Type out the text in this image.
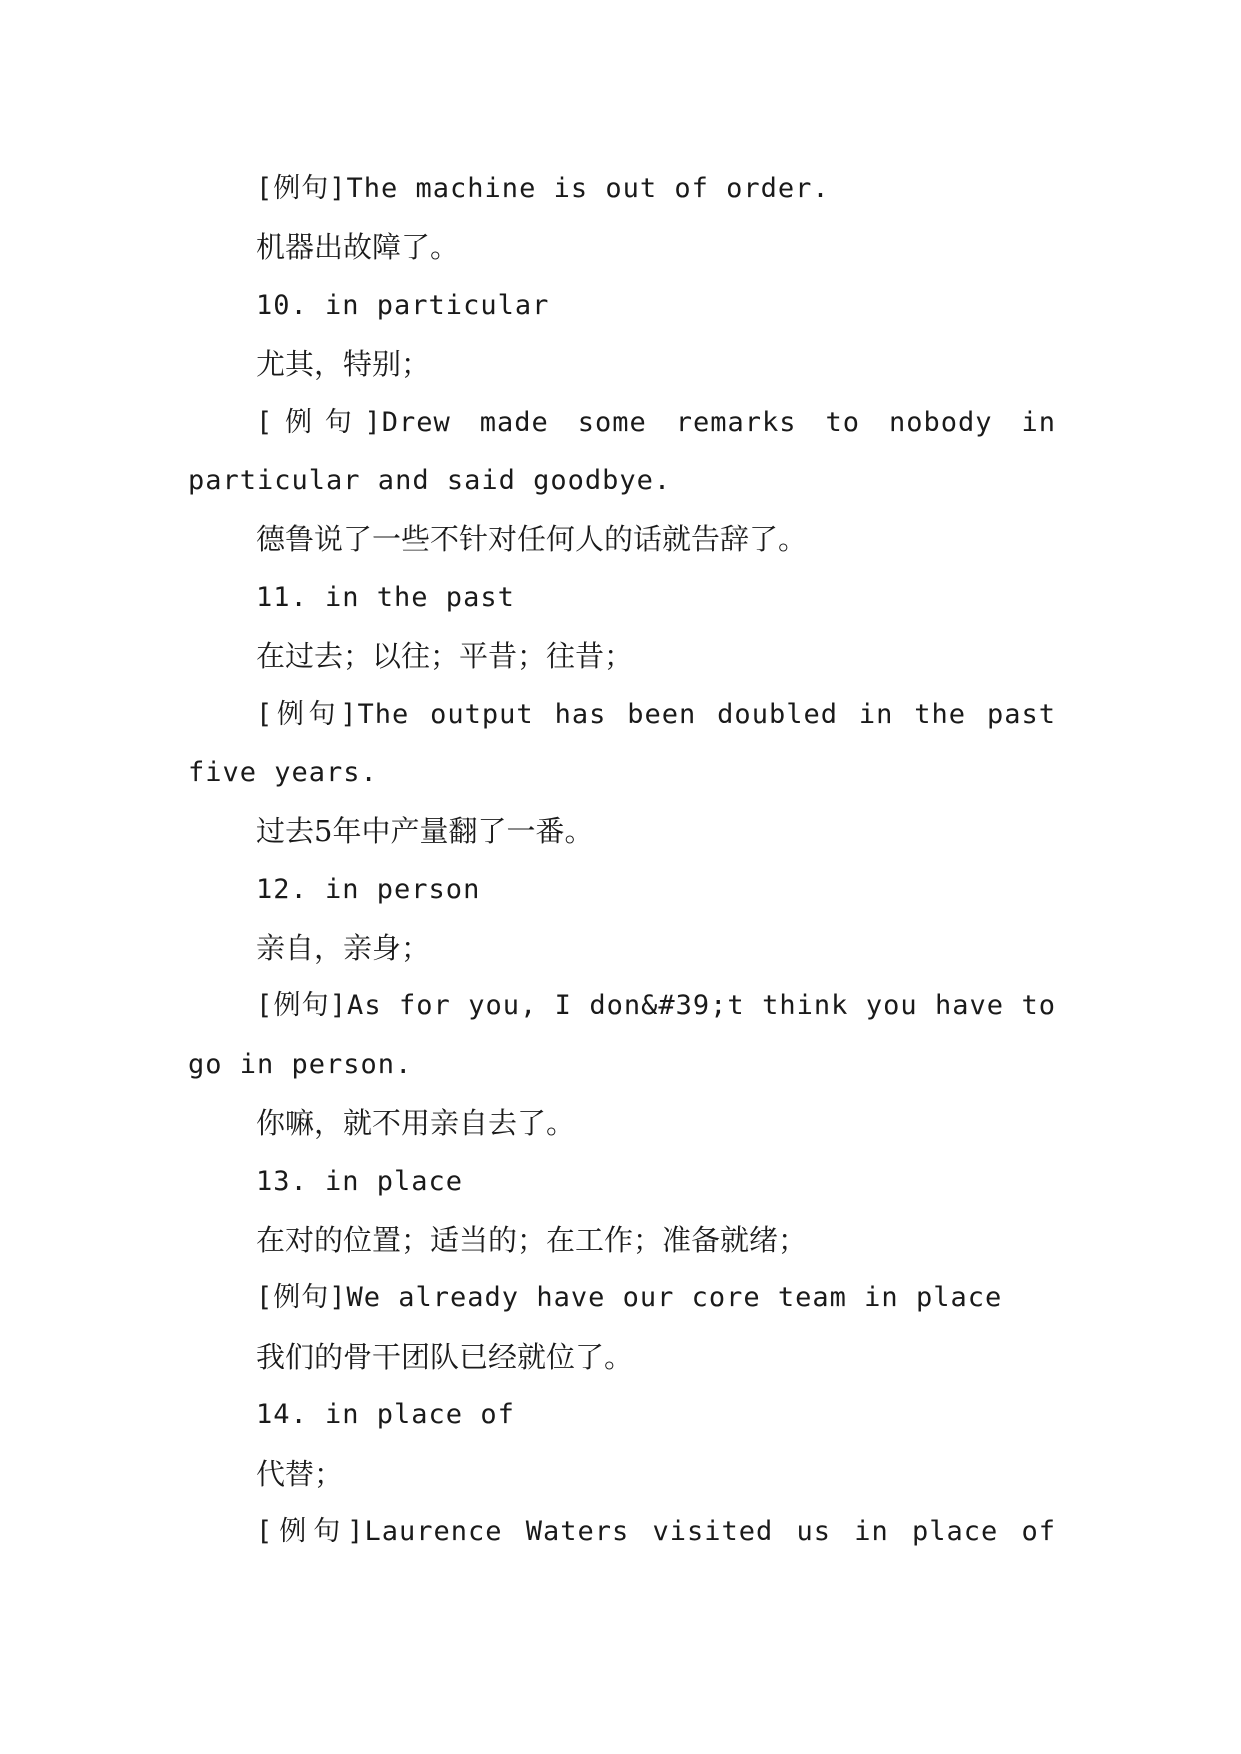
[例句]The machine is out of order.

机器出故障了。

10. in particular

尤其，特别；

[例句]Drew made some remarks to nobody in

particular and said goodbye.

德鲁说了一些不针对任何人的话就告辞了。

11. in the past

在过去；以往；平昔；往昔；

[例句]The output has been doubled in the past

five years.

过去5年中产量翻了一番。

12. in person

亲自，亲身；

[例句]As for you, I don&#39;t think you have to

go in person.

你嘛，就不用亲自去了。

13. in place

在对的位置；适当的；在工作；准备就绪；

[例句]We already have our core team in place

我们的骨干团队已经就位了。

14. in place of

代替；

[例句]Laurence Waters visited us in place of
